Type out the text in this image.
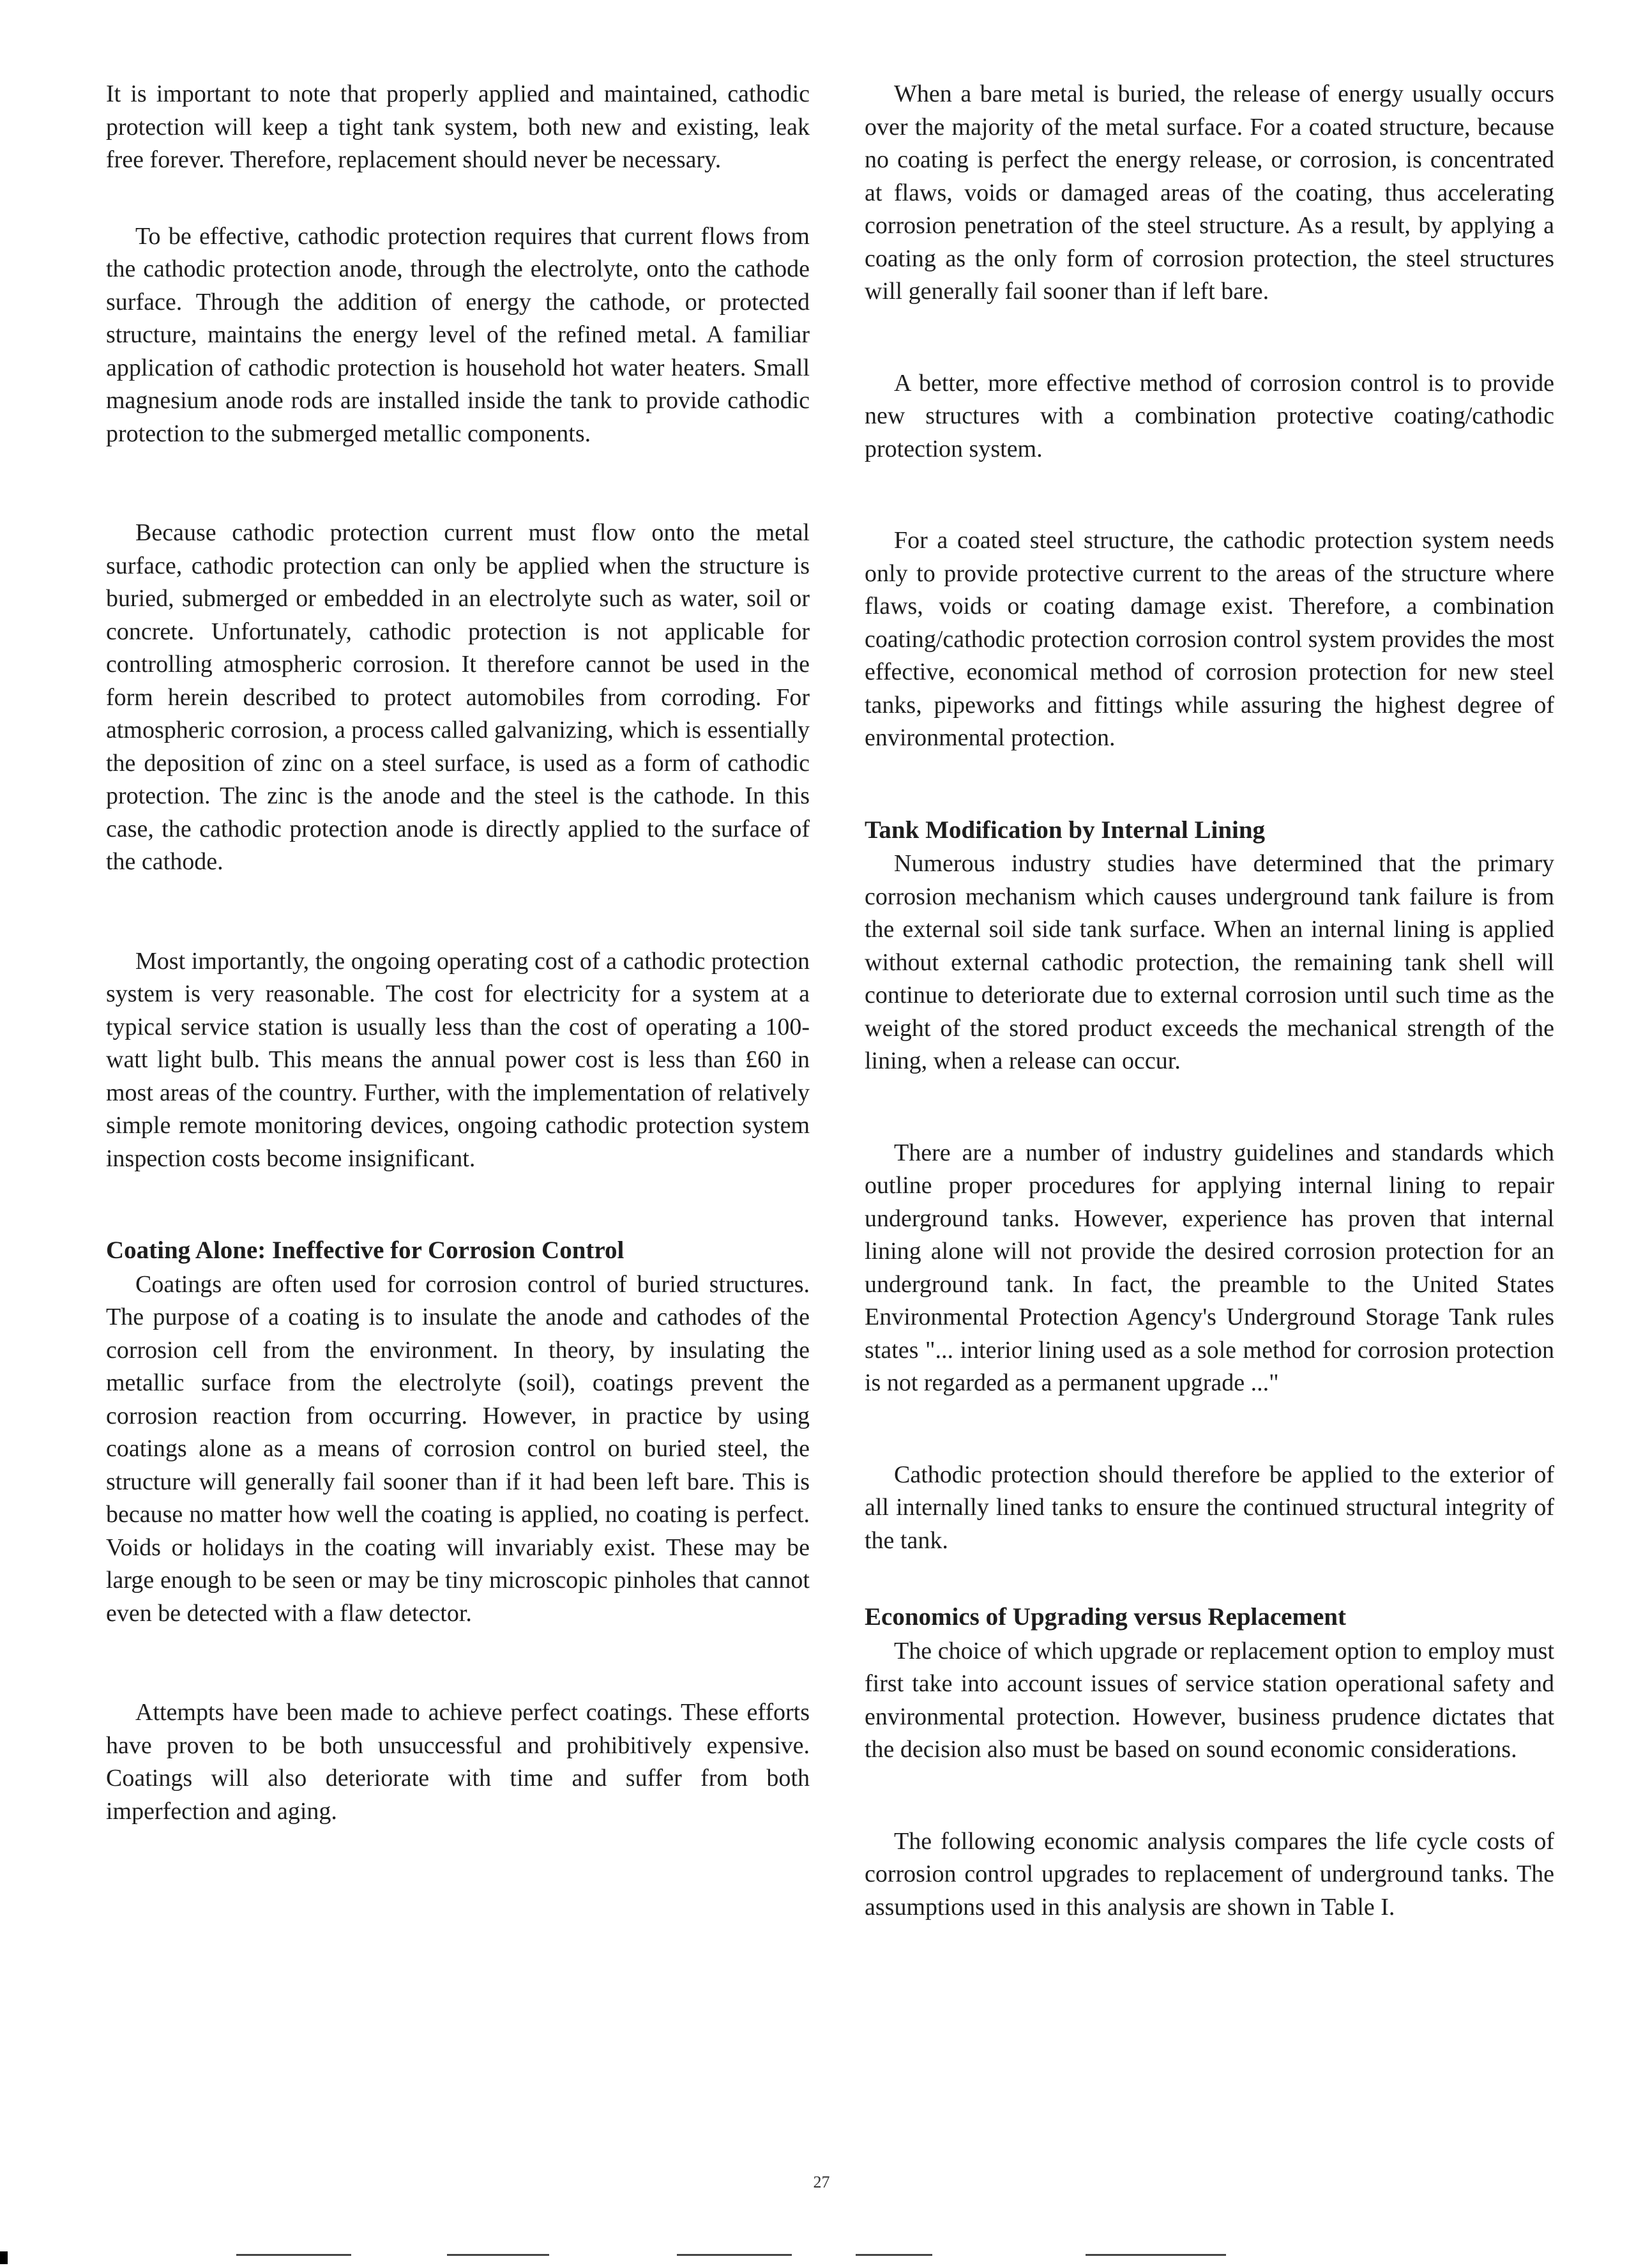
It is important to note that properly applied and maintained, cathodic protection will keep a tight tank system, both new and existing, leak free forever. Therefore, replacement should never be necessary.

To be effective, cathodic protection requires that current flows from the cathodic protection anode, through the electrolyte, onto the cathode surface. Through the addition of energy the cathode, or protected structure, maintains the energy level of the refined metal. A familiar application of cathodic protection is household hot water heaters. Small magnesium anode rods are installed inside the tank to provide cathodic protection to the submerged metallic components.

Because cathodic protection current must flow onto the metal surface, cathodic protection can only be applied when the structure is buried, submerged or embedded in an electrolyte such as water, soil or concrete. Unfortunately, cathodic protection is not applicable for controlling atmospheric corrosion. It therefore cannot be used in the form herein described to protect automobiles from corroding. For atmospheric corrosion, a process called galvanizing, which is essentially the deposition of zinc on a steel surface, is used as a form of cathodic protection. The zinc is the anode and the steel is the cathode. In this case, the cathodic protection anode is directly applied to the surface of the cathode.

Most importantly, the ongoing operating cost of a cathodic protection system is very reasonable. The cost for electricity for a system at a typical service station is usually less than the cost of operating a 100-watt light bulb. This means the annual power cost is less than £60 in most areas of the country. Further, with the implementation of relatively simple remote monitoring devices, ongoing cathodic protection system inspection costs become insignificant.

Coating Alone: Ineffective for Corrosion Control

Coatings are often used for corrosion control of buried structures. The purpose of a coating is to insulate the anode and cathodes of the corrosion cell from the environment. In theory, by insulating the metallic surface from the electrolyte (soil), coatings prevent the corrosion reaction from occurring. However, in practice by using coatings alone as a means of corrosion control on buried steel, the structure will generally fail sooner than if it had been left bare. This is because no matter how well the coating is applied, no coating is perfect. Voids or holidays in the coating will invariably exist. These may be large enough to be seen or may be tiny microscopic pinholes that cannot even be detected with a flaw detector.

Attempts have been made to achieve perfect coatings. These efforts have proven to be both unsuccessful and prohibitively expensive. Coatings will also deteriorate with time and suffer from both imperfection and aging.

When a bare metal is buried, the release of energy usually occurs over the majority of the metal surface. For a coated structure, because no coating is perfect the energy release, or corrosion, is concentrated at flaws, voids or damaged areas of the coating, thus accelerating corrosion penetration of the steel structure. As a result, by applying a coating as the only form of corrosion protection, the steel structures will generally fail sooner than if left bare.

A better, more effective method of corrosion control is to provide new structures with a combination protective coating/cathodic protection system.

For a coated steel structure, the cathodic protection system needs only to provide protective current to the areas of the structure where flaws, voids or coating damage exist. Therefore, a combination coating/cathodic protection corrosion control system provides the most effective, economical method of corrosion protection for new steel tanks, pipeworks and fittings while assuring the highest degree of environmental protection.

Tank Modification by Internal Lining

Numerous industry studies have determined that the primary corrosion mechanism which causes underground tank failure is from the external soil side tank surface. When an internal lining is applied without external cathodic protection, the remaining tank shell will continue to deteriorate due to external corrosion until such time as the weight of the stored product exceeds the mechanical strength of the lining, when a release can occur.

There are a number of industry guidelines and standards which outline proper procedures for applying internal lining to repair underground tanks. However, experience has proven that internal lining alone will not provide the desired corrosion protection for an underground tank. In fact, the preamble to the United States Environmental Protection Agency's Underground Storage Tank rules states "... interior lining used as a sole method for corrosion protection is not regarded as a permanent upgrade ..."

Cathodic protection should therefore be applied to the exterior of all internally lined tanks to ensure the continued structural integrity of the tank.

Economics of Upgrading versus Replacement

The choice of which upgrade or replacement option to employ must first take into account issues of service station operational safety and environmental protection. However, business prudence dictates that the decision also must be based on sound economic considerations.

The following economic analysis compares the life cycle costs of corrosion control upgrades to replacement of underground tanks. The assumptions used in this analysis are shown in Table I.

27
